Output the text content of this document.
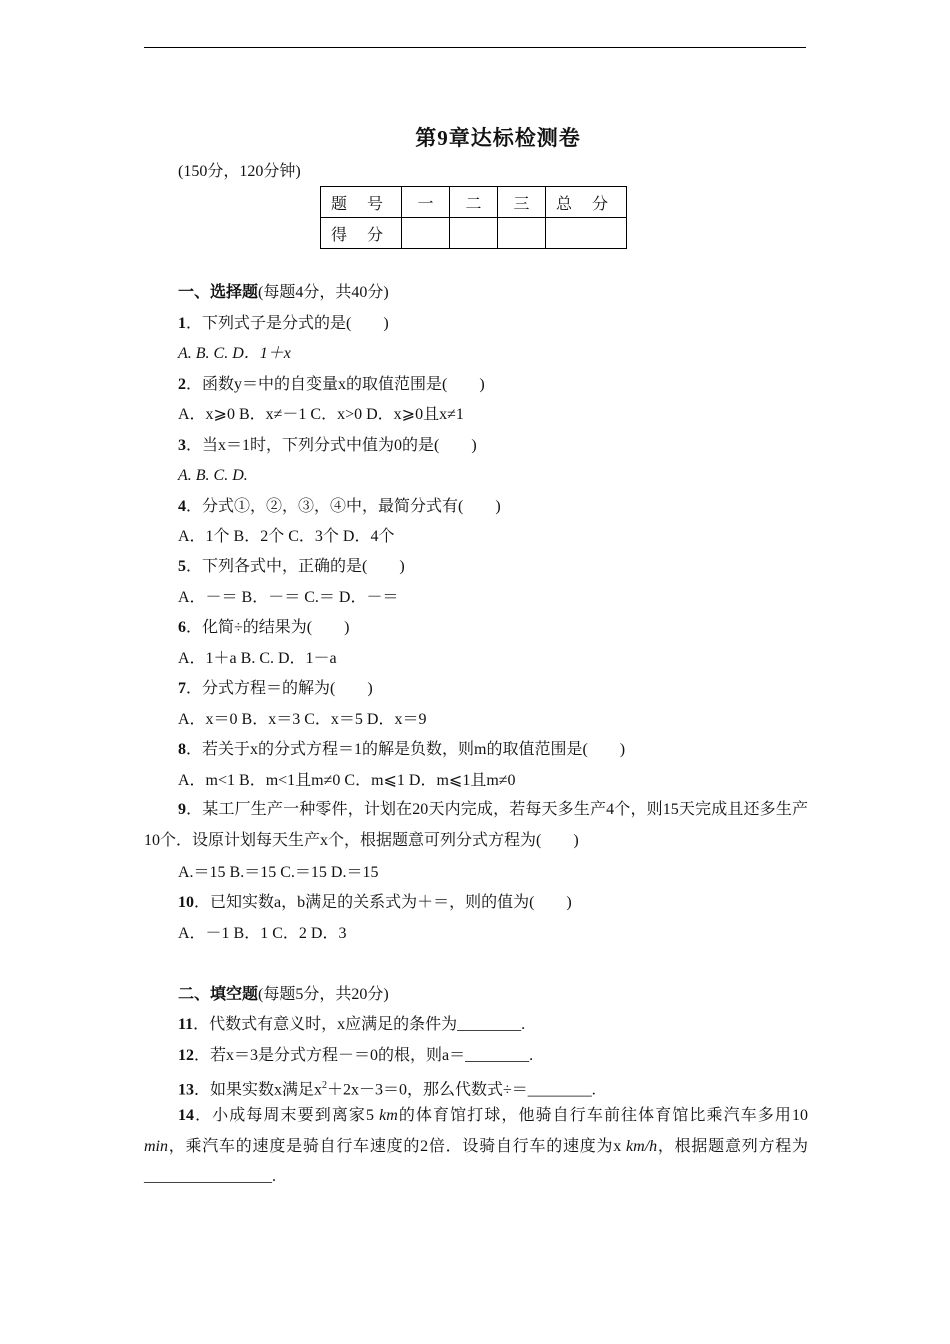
第9章达标检测卷
(150分，120分钟)
题 号	一	二	三	总 分
得 分				
一、选择题(每题4分，共40分)
1．下列式子是分式的是(　　)
A. B. C. D．1＋x
2．函数y＝中的自变量x的取值范围是(　　)
A．x⩾0 B．x≠－1 C．x>0 D．x⩾0且x≠1
3．当x＝1时，下列分式中值为0的是(　　)
A. B. C. D.
4．分式①，②，③，④中，最简分式有(　　)
A．1个 B．2个 C．3个 D．4个
5．下列各式中，正确的是(　　)
A．－＝ B．－＝ C.＝ D．－＝
6．化简÷的结果为(　　)
A．1＋a B. C. D．1－a
7．分式方程＝的解为(　　)
A．x＝0 B．x＝3 C．x＝5 D．x＝9
8．若关于x的分式方程＝1的解是负数，则m的取值范围是(　　)
A．m<1 B．m<1且m≠0 C．m⩽1 D．m⩽1且m≠0
9．某工厂生产一种零件，计划在20天内完成，若每天多生产4个，则15天完成且还多生产10个．设原计划每天生产x个，根据题意可列分式方程为(　　)
A.＝15 B.＝15 C.＝15 D.＝15
10．已知实数a，b满足的关系式为＋＝，则的值为(　　)
A．－1 B．1 C．2 D．3
二、填空题(每题5分，共20分)
11．代数式有意义时，x应满足的条件为________.
12．若x＝3是分式方程－＝0的根，则a＝________.
13．如果实数x满足$x^2+2x-3=0$，那么代数式÷＝________.
14．小成每周末要到离家5 km的体育馆打球，他骑自行车前往体育馆比乘汽车多用10 min，乘汽车的速度是骑自行车速度的2倍．设骑自行车的速度为x km/h，根据题意列方程为________________.
